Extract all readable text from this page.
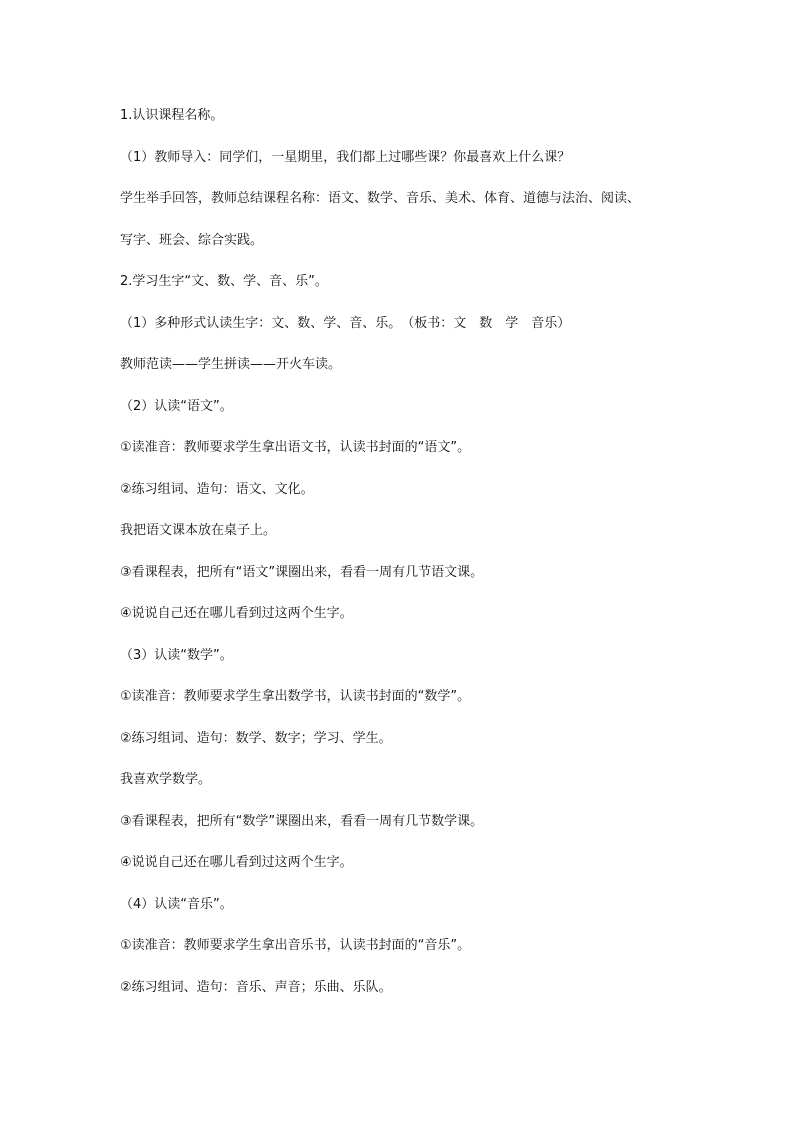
1.认识课程名称。
（1）教师导入：同学们，一星期里，我们都上过哪些课？你最喜欢上什么课？
学生举手回答，教师总结课程名称：语文、数学、音乐、美术、体育、道德与法治、阅读、
写字、班会、综合实践。
2.学习生字“文、数、学、音、乐”。
（1）多种形式认读生字：文、数、学、音、乐。　（板书：文　数　学　音乐）
教师范读——学生拼读——开火车读。
（2）认读“语文”。
①读准音：教师要求学生拿出语文书，认读书封面的“语文”。
②练习组词、造句：语文、文化。
我把语文课本放在桌子上。
③看课程表，把所有“语文”课圈出来，看看一周有几节语文课。
④说说自己还在哪儿看到过这两个生字。
（3）认读“数学”。
①读准音：教师要求学生拿出数学书，认读书封面的“数学”。
②练习组词、造句：数学、数字；学习、学生。
我喜欢学数学。
③看课程表，把所有“数学”课圈出来，看看一周有几节数学课。
④说说自己还在哪儿看到过这两个生字。
（4）认读“音乐”。
①读准音：教师要求学生拿出音乐书，认读书封面的“音乐”。
②练习组词、造句：音乐、声音；乐曲、乐队。
